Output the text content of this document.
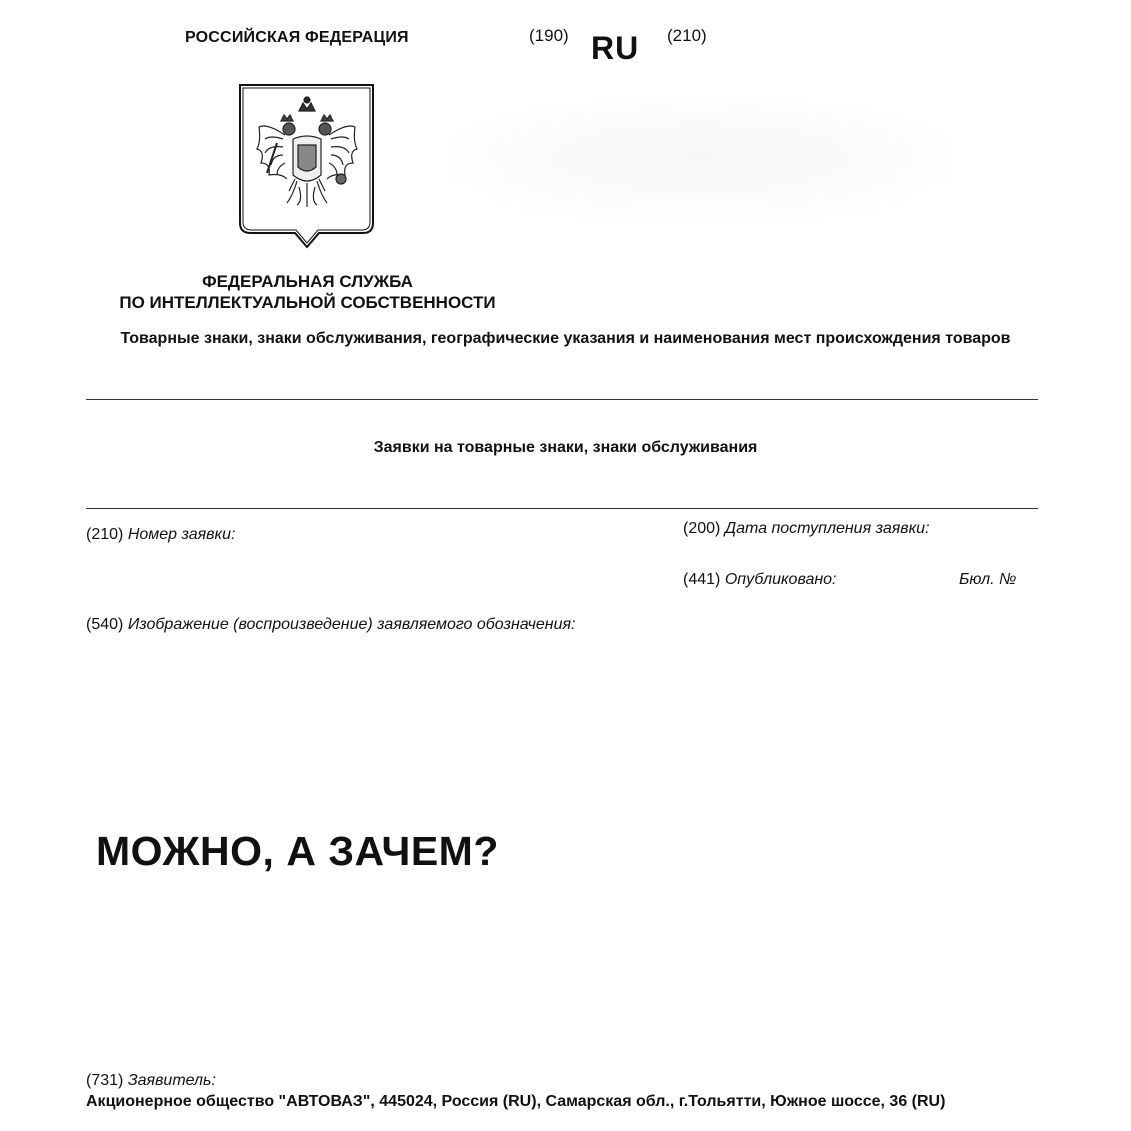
РОССИЙСКАЯ ФЕДЕРАЦИЯ	(190) RU (210)
ФЕДЕРАЛЬНАЯ СЛУЖБА
ПО ИНТЕЛЛЕКТУАЛЬНОЙ СОБСТВЕННОСТИ
Товарные знаки, знаки обслуживания, географические указания и наименования мест происхождения товаров
Заявки на товарные знаки, знаки обслуживания
(210) Номер заявки:	(200) Дата поступления заявки:
(441) Опубликовано:	Бюл. №
(540) Изображение (воспроизведение) заявляемого обозначения:
МОЖНО, А ЗАЧЕМ?
(731) Заявитель:
Акционерное общество "АВТОВАЗ", 445024, Россия (RU), Самарская обл., г.Тольятти, Южное шоссе, 36 (RU)
